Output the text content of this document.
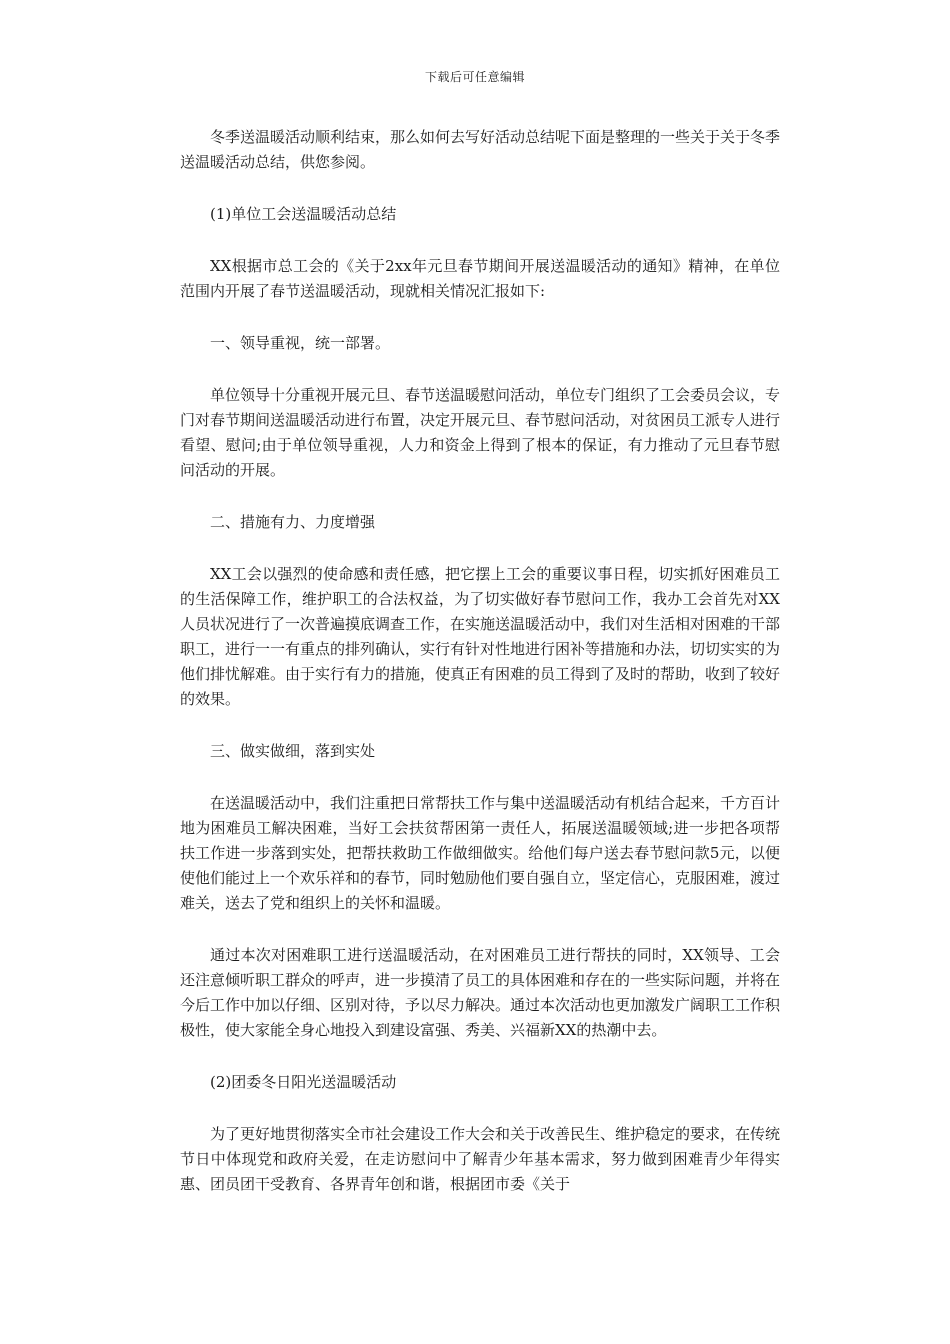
下载后可任意编辑

冬季送温暖活动顺利结束，那么如何去写好活动总结呢下面是整理的一些关于关于冬季送温暖活动总结，供您参阅。

(1)单位工会送温暖活动总结

XX根据市总工会的《关于2xx年元旦春节期间开展送温暖活动的通知》精神，在单位范围内开展了春节送温暖活动，现就相关情况汇报如下:

一、领导重视，统一部署。

单位领导十分重视开展元旦、春节送温暖慰问活动，单位专门组织了工会委员会议，专门对春节期间送温暖活动进行布置，决定开展元旦、春节慰问活动，对贫困员工派专人进行看望、慰问;由于单位领导重视，人力和资金上得到了根本的保证，有力推动了元旦春节慰问活动的开展。

二、措施有力、力度增强

XX工会以强烈的使命感和责任感，把它摆上工会的重要议事日程，切实抓好困难员工的生活保障工作，维护职工的合法权益，为了切实做好春节慰问工作，我办工会首先对XX人员状况进行了一次普遍摸底调查工作，在实施送温暖活动中，我们对生活相对困难的干部职工，进行一一有重点的排列确认，实行有针对性地进行困补等措施和办法，切切实实的为他们排忧解难。由于实行有力的措施，使真正有困难的员工得到了及时的帮助，收到了较好的效果。

三、做实做细，落到实处

在送温暖活动中，我们注重把日常帮扶工作与集中送温暖活动有机结合起来，千方百计地为困难员工解决困难，当好工会扶贫帮困第一责任人，拓展送温暖领域;进一步把各项帮扶工作进一步落到实处，把帮扶救助工作做细做实。给他们每户送去春节慰问款5元，以便使他们能过上一个欢乐祥和的春节，同时勉励他们要自强自立，坚定信心，克服困难，渡过难关，送去了党和组织上的关怀和温暖。

通过本次对困难职工进行送温暖活动，在对困难员工进行帮扶的同时，XX领导、工会还注意倾听职工群众的呼声，进一步摸清了员工的具体困难和存在的一些实际问题，并将在今后工作中加以仔细、区别对待，予以尽力解决。通过本次活动也更加激发广阔职工工作积极性，使大家能全身心地投入到建设富强、秀美、兴福新XX的热潮中去。

(2)团委冬日阳光送温暖活动

为了更好地贯彻落实全市社会建设工作大会和关于改善民生、维护稳定的要求，在传统节日中体现党和政府关爱，在走访慰问中了解青少年基本需求，努力做到困难青少年得实惠、团员团干受教育、各界青年创和谐，根据团市委《关于
